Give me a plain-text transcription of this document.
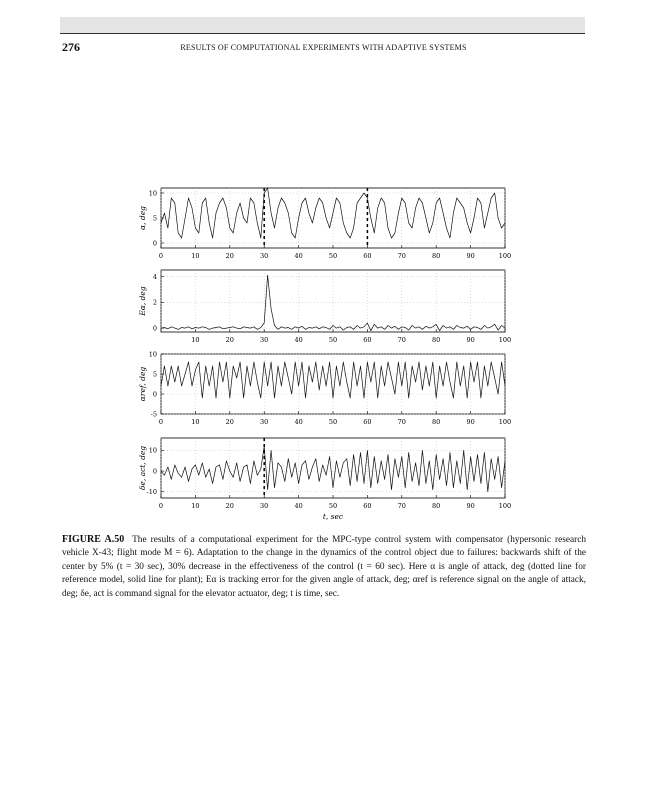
276	RESULTS OF COMPUTATIONAL EXPERIMENTS WITH ADAPTIVE SYSTEMS
0	10	20	30	40	50	60	70	80	90	100
0
5
10
α, deg
10	20	30	40	50	60	70	80	90	100
0
2
4
Eα, deg
0	10	20	30	40	50	60	70	80	90	100
-5
0
5
10
αref, deg
0	10	20	30	40	50	60	70	80	90	100
-10
0
10
δe, act, deg
t, sec
FIGURE A.50 The results of a computational experiment for the MPC-type control system with compensator (hypersonic research vehicle X-43; flight mode M = 6). Adaptation to the change in the dynamics of the control object due to failures: backwards shift of the center by 5% (t = 30 sec), 30% decrease in the effectiveness of the control (t = 60 sec). Here α is angle of attack, deg (dotted line for reference model, solid line for plant); Eα is tracking error for the given angle of attack, deg; αref is reference signal on the angle of attack, deg; δe, act is command signal for the elevator actuator, deg; t is time, sec.
